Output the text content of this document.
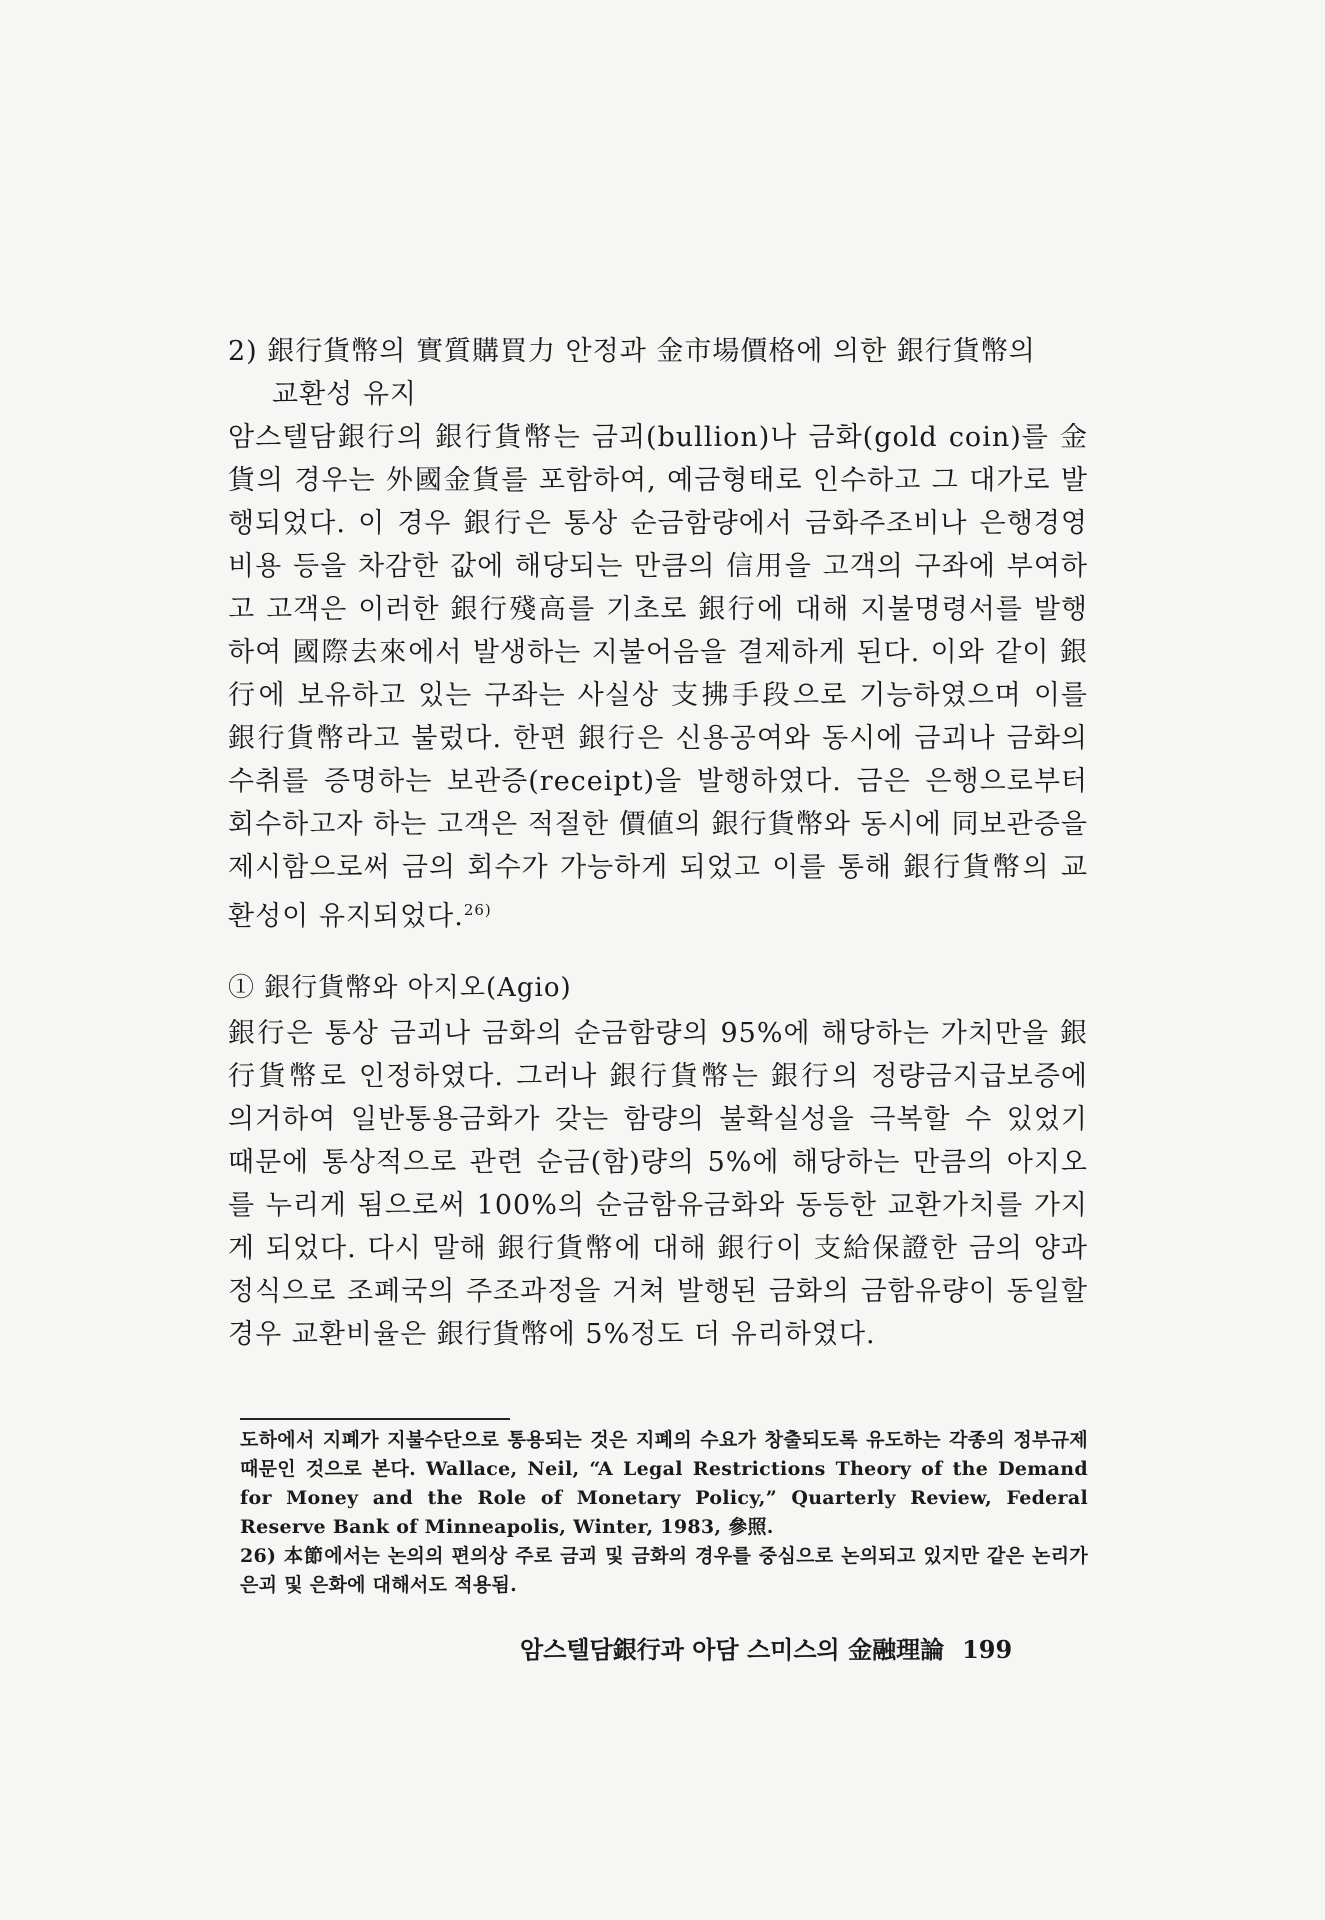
2) 銀行貨幣의 實質購買力 안정과 金市場價格에 의한 銀行貨幣의
교환성 유지

암스텔담銀行의 銀行貨幣는 금괴(bullion)나 금화(gold coin)를 金貨의 경우는 外國金貨를 포함하여, 예금형태로 인수하고 그 대가로 발행되었다. 이 경우 銀行은 통상 순금함량에서 금화주조비나 은행경영비용 등을 차감한 값에 해당되는 만큼의 信用을 고객의 구좌에 부여하고 고객은 이러한 銀行殘高를 기초로 銀行에 대해 지불명령서를 발행하여 國際去來에서 발생하는 지불어음을 결제하게 된다. 이와 같이 銀行에 보유하고 있는 구좌는 사실상 支拂手段으로 기능하였으며 이를 銀行貨幣라고 불렀다. 한편 銀行은 신용공여와 동시에 금괴나 금화의 수취를 증명하는 보관증(receipt)을 발행하였다. 금은 은행으로부터 회수하고자 하는 고객은 적절한 價値의 銀行貨幣와 동시에 同보관증을 제시함으로써 금의 회수가 가능하게 되었고 이를 통해 銀行貨幣의 교환성이 유지되었다.$^{26)}$

① 銀行貨幣와 아지오(Agio)

銀行은 통상 금괴나 금화의 순금함량의 95%에 해당하는 가치만을 銀行貨幣로 인정하였다. 그러나 銀行貨幣는 銀行의 정량금지급보증에 의거하여 일반통용금화가 갖는 함량의 불확실성을 극복할 수 있었기 때문에 통상적으로 관련 순금(함)량의 5%에 해당하는 만큼의 아지오를 누리게 됨으로써 100%의 순금함유금화와 동등한 교환가치를 가지게 되었다. 다시 말해 銀行貨幣에 대해 銀行이 支給保證한 금의 양과 정식으로 조폐국의 주조과정을 거쳐 발행된 금화의 금함유량이 동일할 경우 교환비율은 銀行貨幣에 5%정도 더 유리하였다.

도하에서 지폐가 지불수단으로 통용되는 것은 지폐의 수요가 창출되도록 유도하는 각종의 정부규제 때문인 것으로 본다. Wallace, Neil, “A Legal Restrictions Theory of the Demand for Money and the Role of Monetary Policy,” Quarterly Review, Federal Reserve Bank of Minneapolis, Winter, 1983, 參照.

26) 本節에서는 논의의 편의상 주로 금괴 및 금화의 경우를 중심으로 논의되고 있지만 같은 논리가 은괴 및 은화에 대해서도 적용됨.

암스텔담銀行과 아담 스미스의 金融理論 199
